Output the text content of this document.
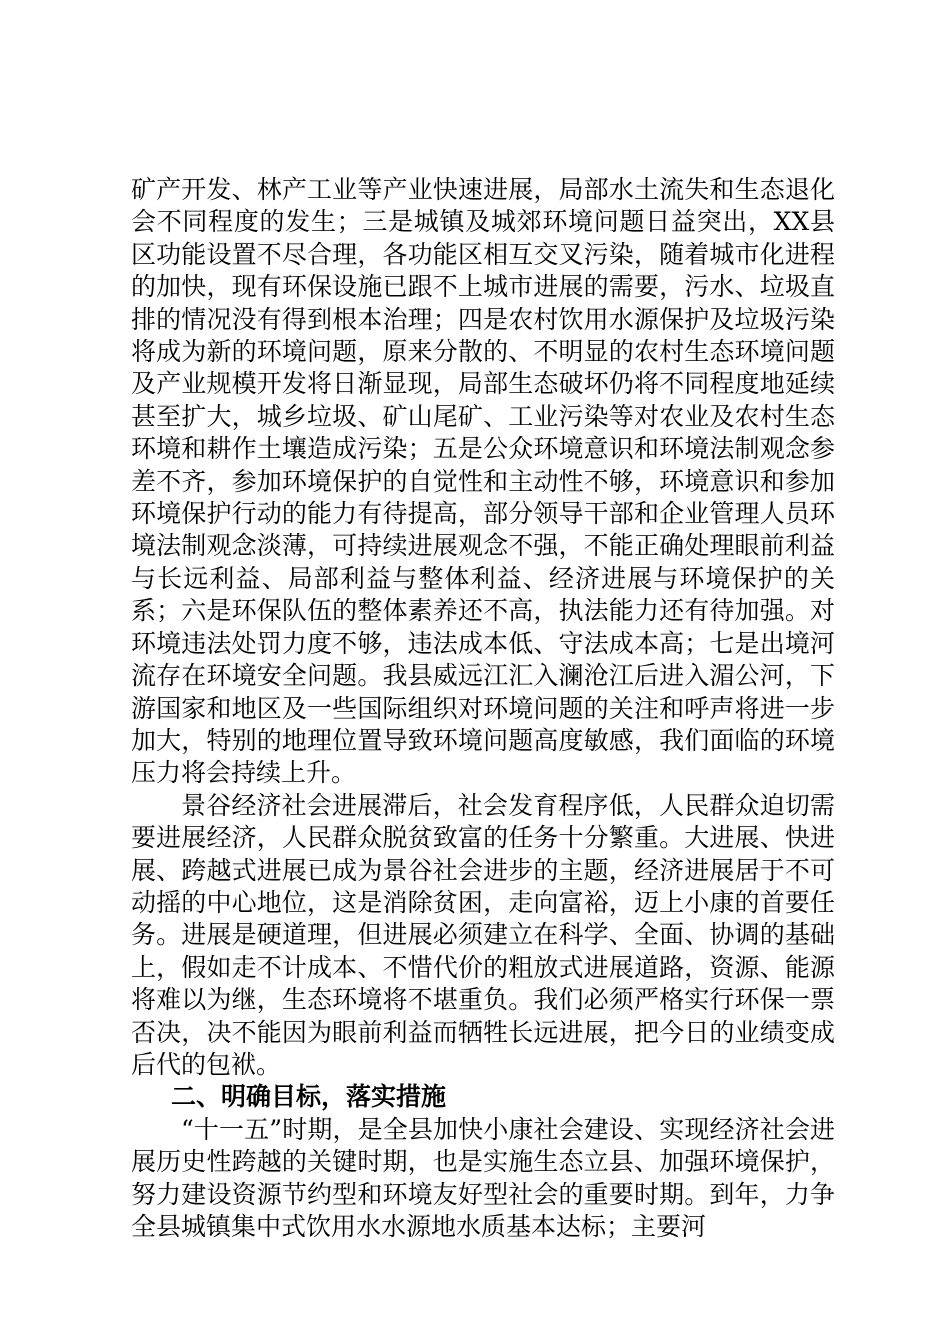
矿产开发、林产工业等产业快速进展，局部水土流失和生态退化会不同程度的发生；三是城镇及城郊环境问题日益突出，XX县区功能设置不尽合理，各功能区相互交叉污染，随着城市化进程的加快，现有环保设施已跟不上城市进展的需要，污水、垃圾直排的情况没有得到根本治理；四是农村饮用水源保护及垃圾污染将成为新的环境问题，原来分散的、不明显的农村生态环境问题及产业规模开发将日渐显现，局部生态破坏仍将不同程度地延续甚至扩大，城乡垃圾、矿山尾矿、工业污染等对农业及农村生态环境和耕作土壤造成污染；五是公众环境意识和环境法制观念参差不齐，参加环境保护的自觉性和主动性不够，环境意识和参加环境保护行动的能力有待提高，部分领导干部和企业管理人员环境法制观念淡薄，可持续进展观念不强，不能正确处理眼前利益与长远利益、局部利益与整体利益、经济进展与环境保护的关系；六是环保队伍的整体素养还不高，执法能力还有待加强。对环境违法处罚力度不够，违法成本低、守法成本高；七是出境河流存在环境安全问题。我县威远江汇入澜沧江后进入湄公河，下游国家和地区及一些国际组织对环境问题的关注和呼声将进一步加大，特别的地理位置导致环境问题高度敏感，我们面临的环境压力将会持续上升。

景谷经济社会进展滞后，社会发育程序低，人民群众迫切需要进展经济，人民群众脱贫致富的任务十分繁重。大进展、快进展、跨越式进展已成为景谷社会进步的主题，经济进展居于不可动摇的中心地位，这是消除贫困，走向富裕，迈上小康的首要任务。进展是硬道理，但进展必须建立在科学、全面、协调的基础上，假如走不计成本、不惜代价的粗放式进展道路，资源、能源将难以为继，生态环境将不堪重负。我们必须严格实行环保一票否决，决不能因为眼前利益而牺牲长远进展，把今日的业绩变成后代的包袱。

二、明确目标，落实措施

“十一五”时期，是全县加快小康社会建设、实现经济社会进展历史性跨越的关键时期，也是实施生态立县、加强环境保护，努力建设资源节约型和环境友好型社会的重要时期。到年，力争全县城镇集中式饮用水水源地水质基本达标；主要河
